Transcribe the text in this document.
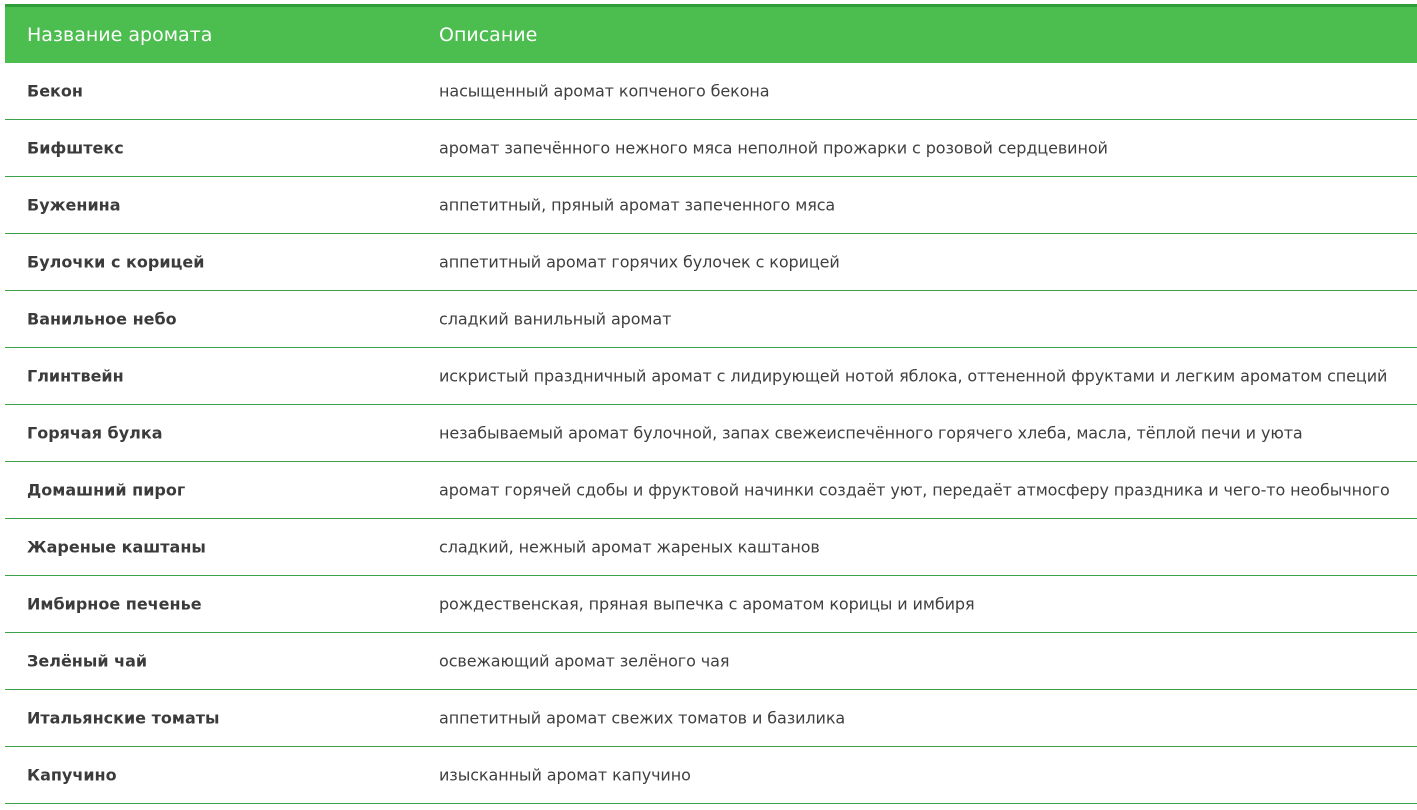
Название аромата	Описание
Бекон	насыщенный аромат копченого бекона
Бифштекс	аромат запечённого нежного мяса неполной прожарки с розовой сердцевиной
Буженина	аппетитный, пряный аромат запеченного мяса
Булочки с корицей	аппетитный аромат горячих булочек с корицей
Ванильное небо	сладкий ванильный аромат
Глинтвейн	искристый праздничный аромат с лидирующей нотой яблока, оттененной фруктами и легким ароматом специй
Горячая булка	незабываемый аромат булочной, запах свежеиспечённого горячего хлеба, масла, тёплой печи и уюта
Домашний пирог	аромат горячей сдобы и фруктовой начинки создаёт уют, передаёт атмосферу праздника и чего-то необычного
Жареные каштаны	сладкий, нежный аромат жареных каштанов
Имбирное печенье	рождественская, пряная выпечка с ароматом корицы и имбиря
Зелёный чай	освежающий аромат зелёного чая
Итальянские томаты	аппетитный аромат свежих томатов и базилика
Капучино	изысканный аромат капучино
